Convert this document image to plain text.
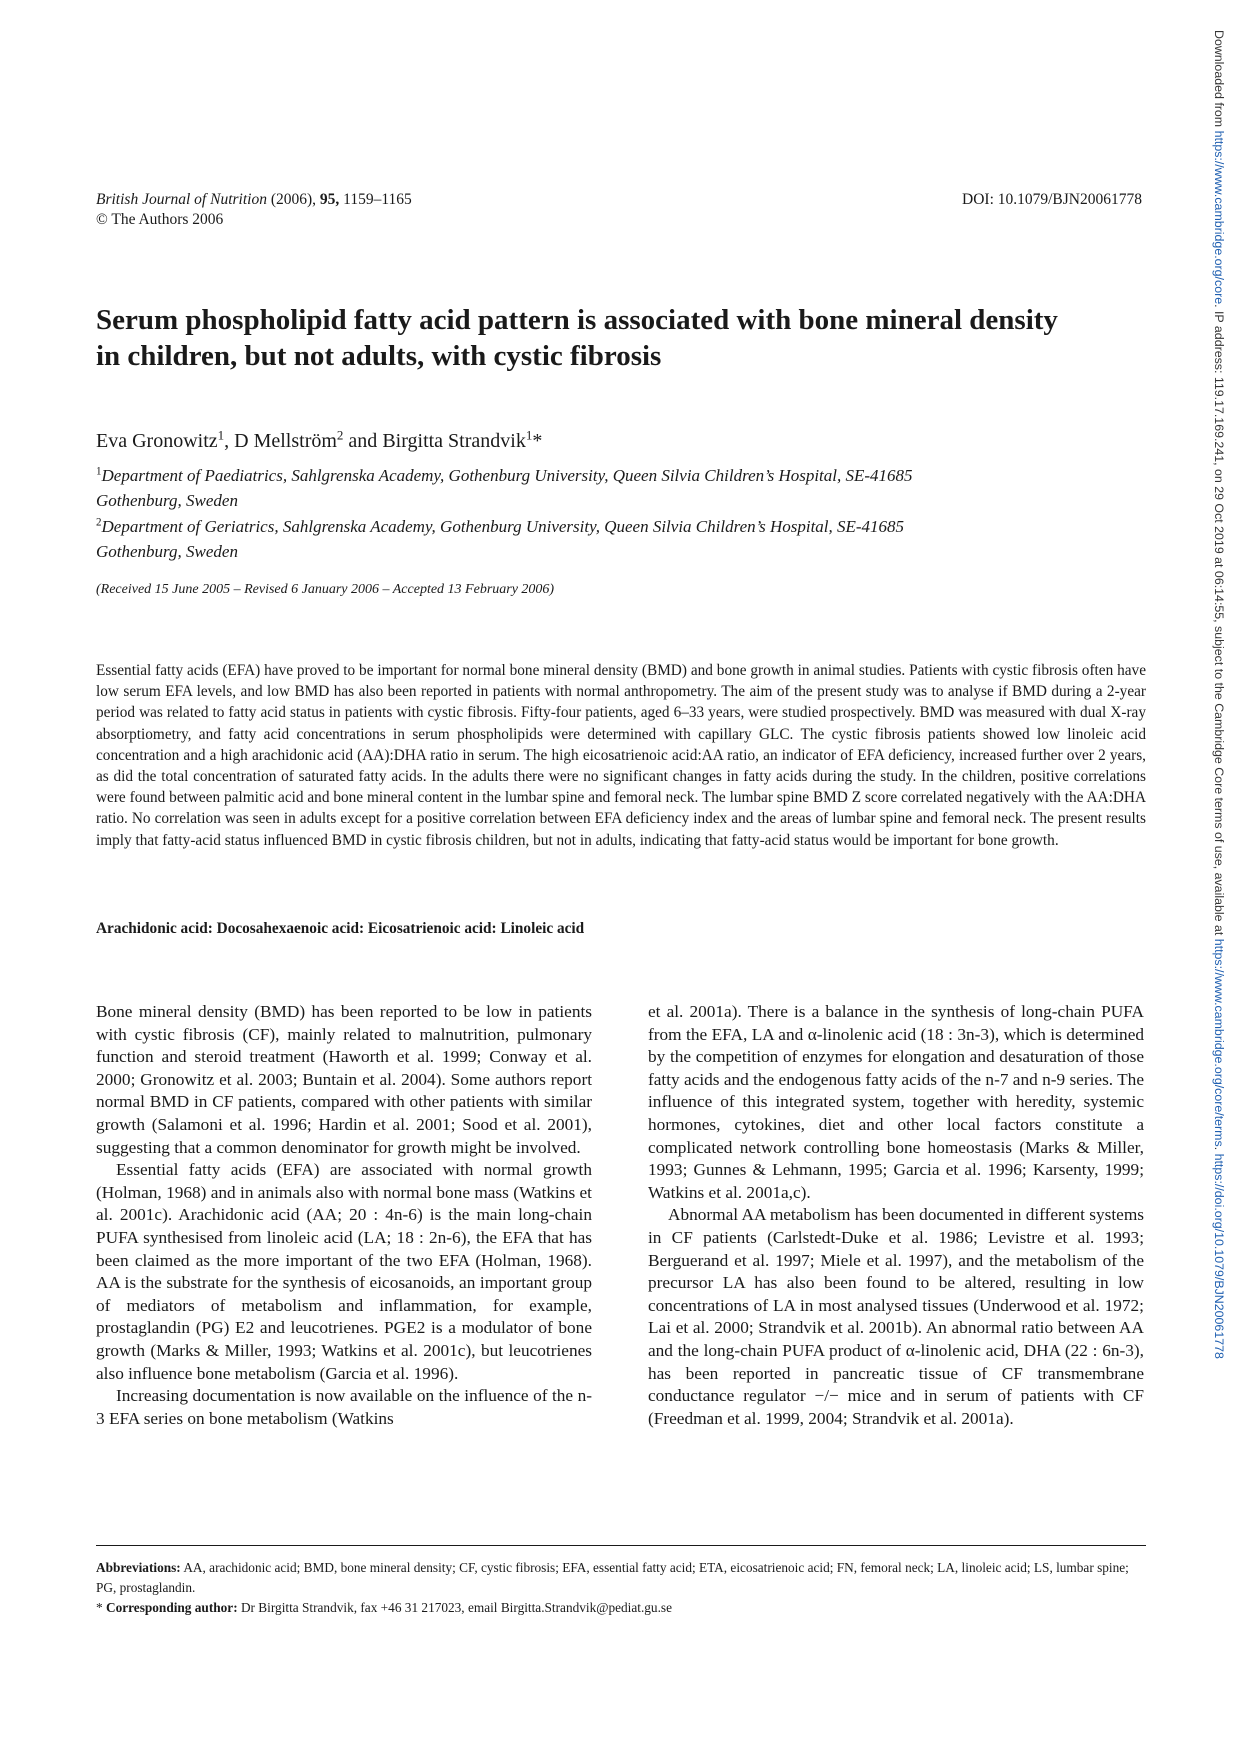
British Journal of Nutrition (2006), 95, 1159–1165
© The Authors 2006
DOI: 10.1079/BJN20061778
Serum phospholipid fatty acid pattern is associated with bone mineral density
in children, but not adults, with cystic fibrosis
Eva Gronowitz$^1$, D Mellström$^2$ and Birgitta Strandvik$^1$*
$^1$Department of Paediatrics, Sahlgrenska Academy, Gothenburg University, Queen Silvia Children’s Hospital, SE-41685
Gothenburg, Sweden
$^2$Department of Geriatrics, Sahlgrenska Academy, Gothenburg University, Queen Silvia Children’s Hospital, SE-41685
Gothenburg, Sweden
(Received 15 June 2005 – Revised 6 January 2006 – Accepted 13 February 2006)

Essential fatty acids (EFA) have proved to be important for normal bone mineral density (BMD) and bone growth in animal studies. Patients with cystic fibrosis often have low serum EFA levels, and low BMD has also been reported in patients with normal anthropometry. The aim of the present study was to analyse if BMD during a 2-year period was related to fatty acid status in patients with cystic fibrosis. Fifty-four patients, aged 6–33 years, were studied prospectively. BMD was measured with dual X-ray absorptiometry, and fatty acid concentrations in serum phospholipids were determined with capillary GLC. The cystic fibrosis patients showed low linoleic acid concentration and a high arachidonic acid (AA):DHA ratio in serum. The high eicosatrienoic acid:AA ratio, an indicator of EFA deficiency, increased further over 2 years, as did the total concentration of saturated fatty acids. In the adults there were no significant changes in fatty acids during the study. In the children, positive correlations were found between palmitic acid and bone mineral content in the lumbar spine and femoral neck. The lumbar spine BMD Z score correlated negatively with the AA:DHA ratio. No correlation was seen in adults except for a positive correlation between EFA deficiency index and the areas of lumbar spine and femoral neck. The present results imply that fatty-acid status influenced BMD in cystic fibrosis children, but not in adults, indicating that fatty-acid status would be important for bone growth.

Arachidonic acid: Docosahexaenoic acid: Eicosatrienoic acid: Linoleic acid

Bone mineral density (BMD) has been reported to be low in patients with cystic fibrosis (CF), mainly related to malnutrition, pulmonary function and steroid treatment (Haworth et al. 1999; Conway et al. 2000; Gronowitz et al. 2003; Buntain et al. 2004). Some authors report normal BMD in CF patients, compared with other patients with similar growth (Salamoni et al. 1996; Hardin et al. 2001; Sood et al. 2001), suggesting that a common denominator for growth might be involved.

Essential fatty acids (EFA) are associated with normal growth (Holman, 1968) and in animals also with normal bone mass (Watkins et al. 2001c). Arachidonic acid (AA; 20 : 4n-6) is the main long-chain PUFA synthesised from linoleic acid (LA; 18 : 2n-6), the EFA that has been claimed as the more important of the two EFA (Holman, 1968). AA is the substrate for the synthesis of eicosanoids, an important group of mediators of metabolism and inflammation, for example, prostaglandin (PG) E2 and leucotrienes. PGE2 is a modulator of bone growth (Marks & Miller, 1993; Watkins et al. 2001c), but leucotrienes also influence bone metabolism (Garcia et al. 1996).

Increasing documentation is now available on the influence of the n-3 EFA series on bone metabolism (Watkins

et al. 2001a). There is a balance in the synthesis of long-chain PUFA from the EFA, LA and α-linolenic acid (18 : 3n-3), which is determined by the competition of enzymes for elongation and desaturation of those fatty acids and the endogenous fatty acids of the n-7 and n-9 series. The influence of this integrated system, together with heredity, systemic hormones, cytokines, diet and other local factors constitute a complicated network controlling bone homeostasis (Marks & Miller, 1993; Gunnes & Lehmann, 1995; Garcia et al. 1996; Karsenty, 1999; Watkins et al. 2001a,c).

Abnormal AA metabolism has been documented in different systems in CF patients (Carlstedt-Duke et al. 1986; Levistre et al. 1993; Berguerand et al. 1997; Miele et al. 1997), and the metabolism of the precursor LA has also been found to be altered, resulting in low concentrations of LA in most analysed tissues (Underwood et al. 1972; Lai et al. 2000; Strandvik et al. 2001b). An abnormal ratio between AA and the long-chain PUFA product of α-linolenic acid, DHA (22 : 6n-3), has been reported in pancreatic tissue of CF transmembrane conductance regulator −/− mice and in serum of patients with CF (Freedman et al. 1999, 2004; Strandvik et al. 2001a).

Abbreviations: AA, arachidonic acid; BMD, bone mineral density; CF, cystic fibrosis; EFA, essential fatty acid; ETA, eicosatrienoic acid; FN, femoral neck; LA, linoleic acid; LS, lumbar spine; PG, prostaglandin.
* Corresponding author: Dr Birgitta Strandvik, fax +46 31 217023, email Birgitta.Strandvik@pediat.gu.se
Downloaded from https://www.cambridge.org/core. IP address: 119.17.169.241, on 29 Oct 2019 at 06:14:55, subject to the Cambridge Core terms of use, available at https://www.cambridge.org/core/terms. https://doi.org/10.1079/BJN20061778
